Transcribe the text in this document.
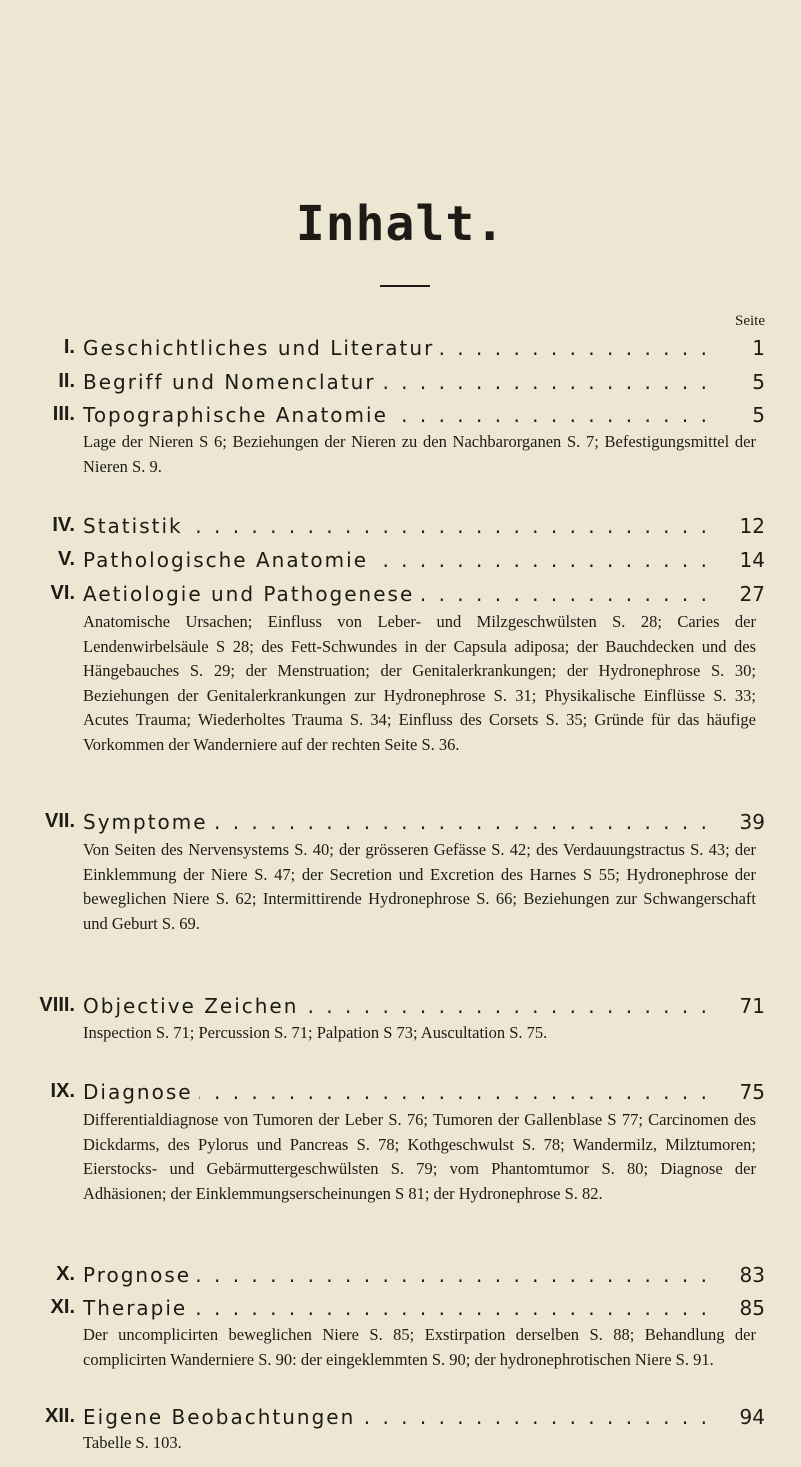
Inhalt.
Seite
I. Geschichtliches und Literatur . . .	1
II. Begriff und Nomenclatur . . .	5
III. Topographische Anatomie . . .	5
Lage der Nieren S 6; Beziehungen der Nieren zu den Nachbarorganen S. 7; Befestigungsmittel der Nieren S. 9.
IV. Statistik . . .	12
V. Pathologische Anatomie . . .	14
VI. Aetiologie und Pathogenese . . .	27
Anatomische Ursachen; Einfluss von Leber- und Milzgeschwülsten S. 28; Caries der Lendenwirbelsäule S 28; des Fett-Schwundes in der Capsula adiposa; der Bauchdecken und des Hängebauches S. 29; der Menstruation; der Genitalerkrankungen; der Hydronephrose S. 30; Beziehungen der Genitalerkrankungen zur Hydronephrose S. 31; Physikalische Einflüsse S. 33; Acutes Trauma; Wiederholtes Trauma S. 34; Einfluss des Corsets S. 35; Gründe für das häufige Vorkommen der Wanderniere auf der rechten Seite S. 36.
VII. Symptome . . .	39
Von Seiten des Nervensystems S. 40; der grösseren Gefässe S. 42; des Verdauungstractus S. 43; der Einklemmung der Niere S. 47; der Secretion und Excretion des Harnes S 55; Hydronephrose der beweglichen Niere S. 62; Intermittirende Hydronephrose S. 66; Beziehungen zur Schwangerschaft und Geburt S. 69.
VIII. Objective Zeichen . . .	71
Inspection S. 71; Percussion S. 71; Palpation S 73; Auscultation S. 75.
IX. Diagnose . . .	75
Differentialdiagnose von Tumoren der Leber S. 76; Tumoren der Gallenblase S 77; Carcinomen des Dickdarms, des Pylorus und Pancreas S. 78; Kothgeschwulst S. 78; Wandermilz, Milztumoren; Eierstocks- und Gebärmuttergeschwülsten S. 79; vom Phantomtumor S. 80; Diagnose der Adhäsionen; der Einklemmungserscheinungen S 81; der Hydronephrose S. 82.
X. Prognose . . .	83
XI. Therapie . . .	85
Der uncomplicirten beweglichen Niere S. 85; Exstirpation derselben S. 88; Behandlung der complicirten Wanderniere S. 90: der eingeklemmten S. 90; der hydronephrotischen Niere S. 91.
XII. Eigene Beobachtungen . . .	94
Tabelle S. 103.
